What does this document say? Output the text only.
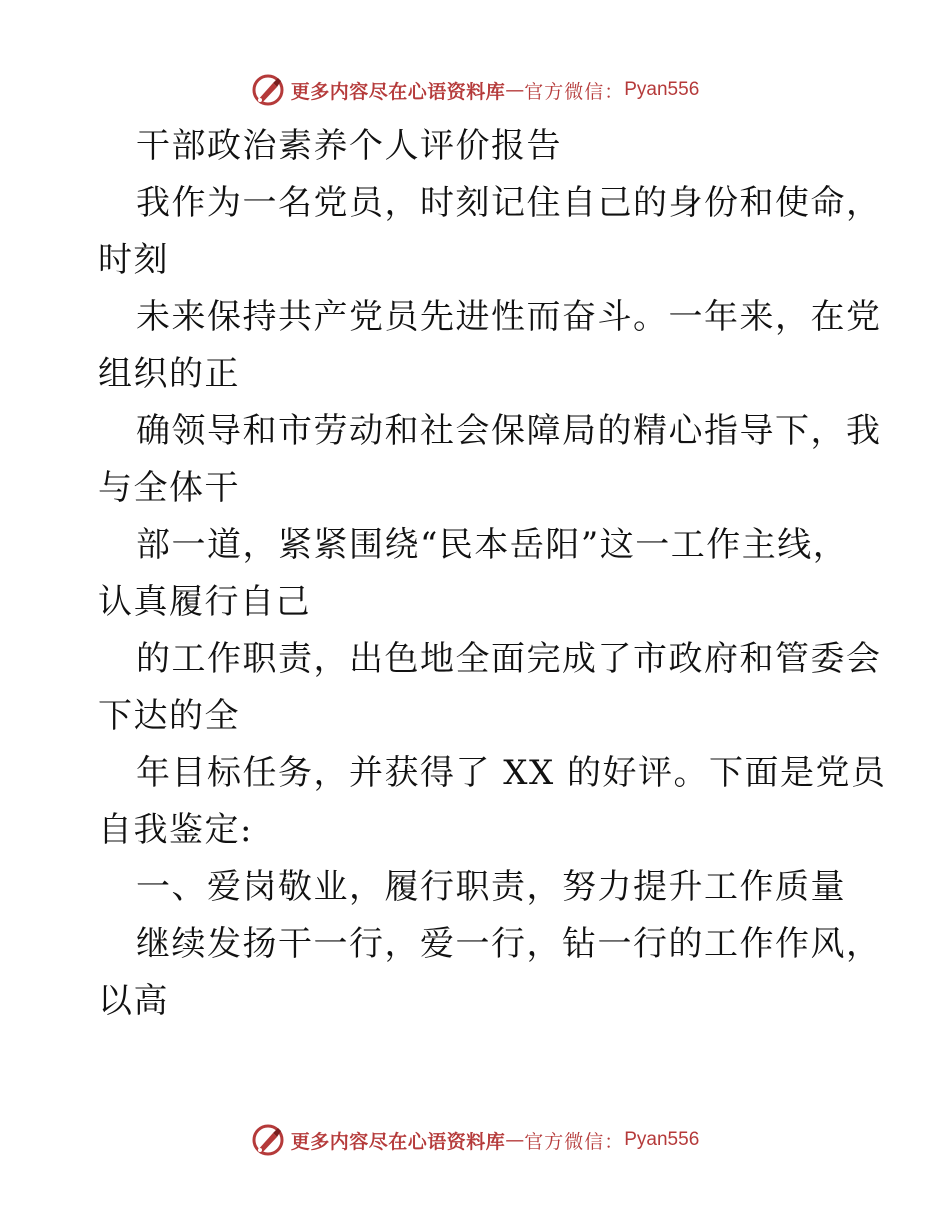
更多内容尽在心语资料库 — 官方微信： Pyan556
干部政治素养个人评价报告
我作为一名党员，时刻记住自己的身份和使命，
时刻
未来保持共产党员先进性而奋斗。一年来，在党
组织的正
确领导和市劳动和社会保障局的精心指导下，我
与全体干
部一道，紧紧围绕“民本岳阳”这一工作主线，
认真履行自己
的工作职责，出色地全面完成了市政府和管委会
下达的全
年目标任务，并获得了 XX 的好评。下面是党员
自我鉴定:
一、爱岗敬业，履行职责，努力提升工作质量
继续发扬干一行，爱一行，钻一行的工作作风，
以高
更多内容尽在心语资料库 — 官方微信： Pyan556
